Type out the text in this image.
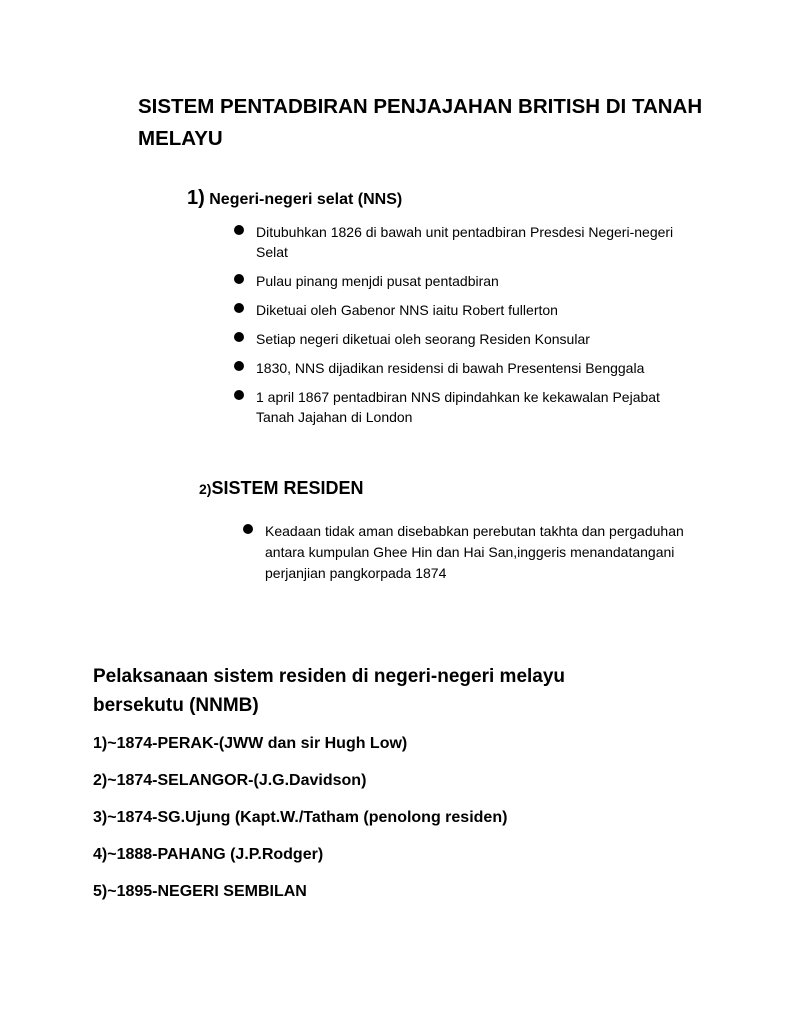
SISTEM PENTADBIRAN PENJAJAHAN BRITISH DI TANAH MELAYU
1) Negeri-negeri selat (NNS)
Ditubuhkan 1826 di bawah unit pentadbiran Presdesi Negeri-negeri Selat
Pulau pinang menjdi pusat pentadbiran
Diketuai oleh Gabenor NNS iaitu Robert fullerton
Setiap negeri diketuai oleh seorang Residen Konsular
1830, NNS dijadikan residensi di bawah Presentensi Benggala
1 april 1867 pentadbiran NNS dipindahkan ke kekawalan Pejabat Tanah Jajahan di London
2)SISTEM RESIDEN
Keadaan tidak aman disebabkan perebutan takhta dan pergaduhan antara kumpulan Ghee Hin dan Hai San,inggeris menandatangani perjanjian pangkorpada 1874
Pelaksanaan sistem residen di negeri-negeri melayu bersekutu (NNMB)
1)~1874-PERAK-(JWW dan sir Hugh Low)
2)~1874-SELANGOR-(J.G.Davidson)
3)~1874-SG.Ujung (Kapt.W./Tatham (penolong residen)
4)~1888-PAHANG (J.P.Rodger)
5)~1895-NEGERI SEMBILAN
